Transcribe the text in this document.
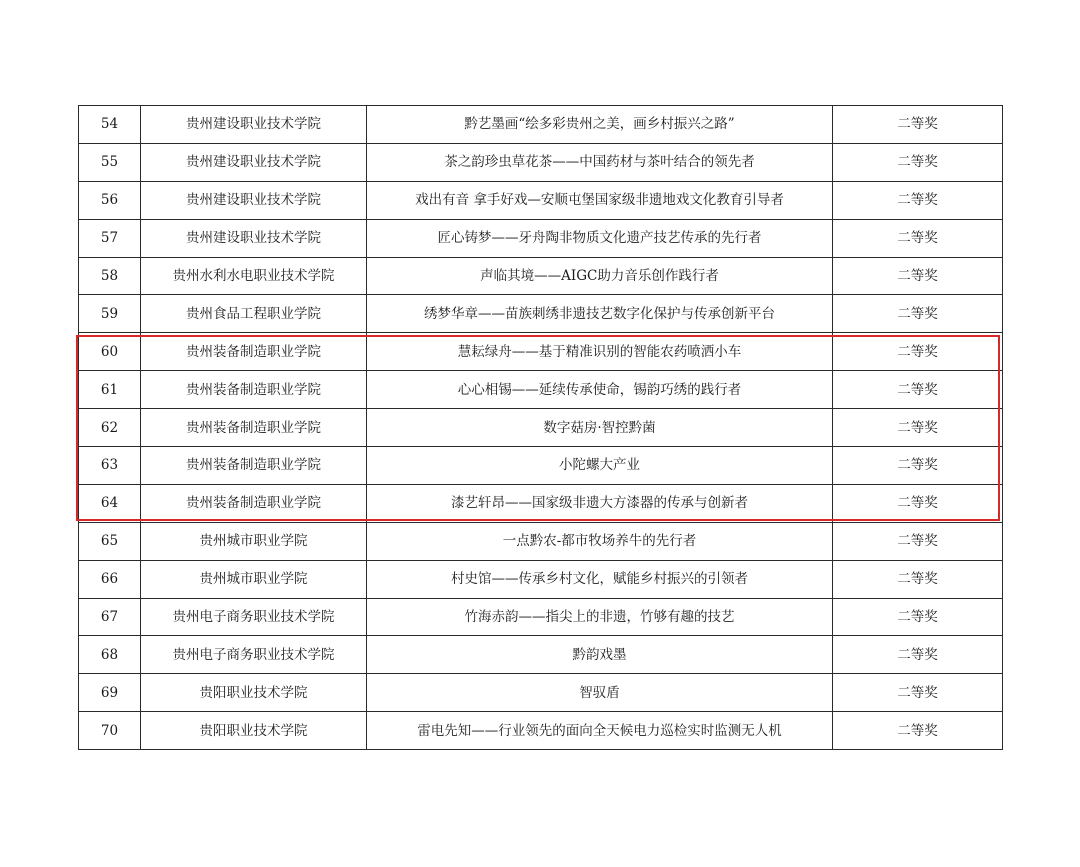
54	贵州建设职业技术学院	黔艺墨画“绘多彩贵州之美，画乡村振兴之路”	二等奖
55	贵州建设职业技术学院	茶之韵珍虫草花茶——中国药材与茶叶结合的领先者	二等奖
56	贵州建设职业技术学院	戏出有音 拿手好戏—安顺屯堡国家级非遗地戏文化教育引导者	二等奖
57	贵州建设职业技术学院	匠心铸梦——牙舟陶非物质文化遗产技艺传承的先行者	二等奖
58	贵州水利水电职业技术学院	声临其境——AIGC助力音乐创作践行者	二等奖
59	贵州食品工程职业学院	绣梦华章——苗族刺绣非遗技艺数字化保护与传承创新平台	二等奖
60	贵州装备制造职业学院	慧耘绿舟——基于精准识别的智能农药喷洒小车	二等奖
61	贵州装备制造职业学院	心心相锡——延续传承使命，锡韵巧绣的践行者	二等奖
62	贵州装备制造职业学院	数字菇房·智控黔菌	二等奖
63	贵州装备制造职业学院	小陀螺大产业	二等奖
64	贵州装备制造职业学院	漆艺轩昂——国家级非遗大方漆器的传承与创新者	二等奖
65	贵州城市职业学院	一点黔农-都市牧场养牛的先行者	二等奖
66	贵州城市职业学院	村史馆——传承乡村文化，赋能乡村振兴的引领者	二等奖
67	贵州电子商务职业技术学院	竹海赤韵——指尖上的非遗，竹够有趣的技艺	二等奖
68	贵州电子商务职业技术学院	黔韵戏墨	二等奖
69	贵阳职业技术学院	智驭盾	二等奖
70	贵阳职业技术学院	雷电先知——行业领先的面向全天候电力巡检实时监测无人机	二等奖
